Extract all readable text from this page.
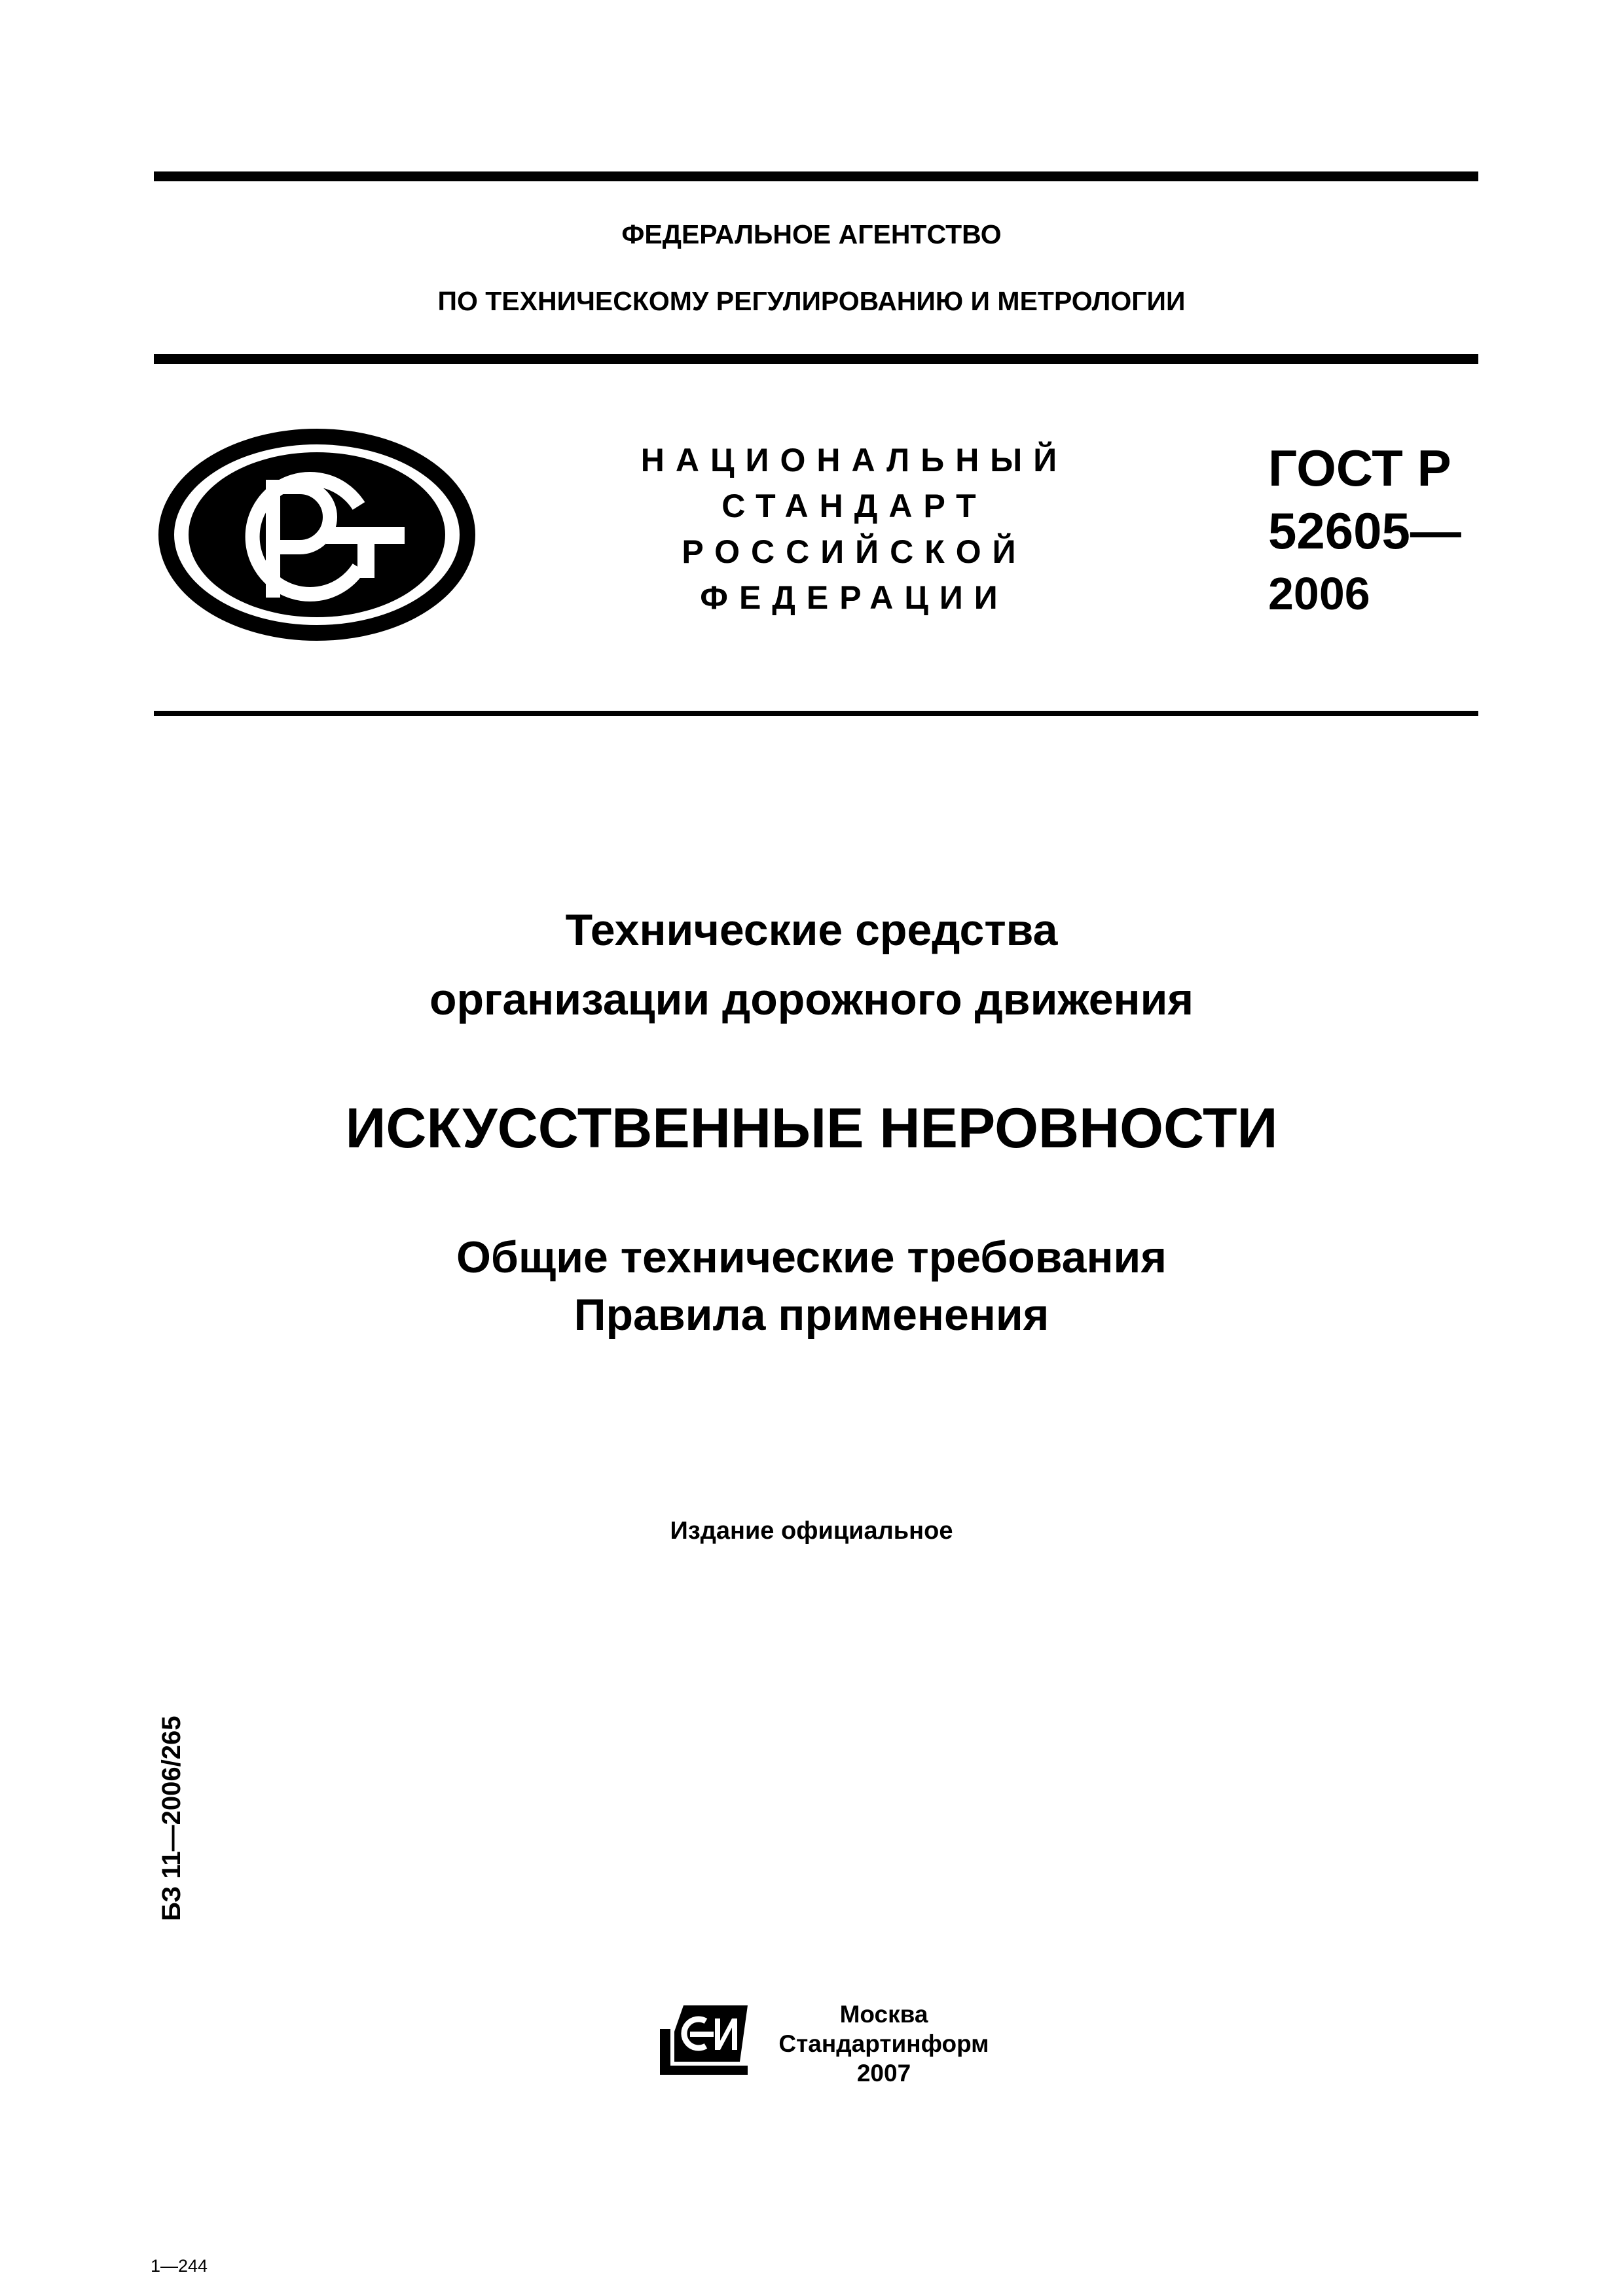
ФЕДЕРАЛЬНОЕ АГЕНТСТВО
ПО ТЕХНИЧЕСКОМУ РЕГУЛИРОВАНИЮ И МЕТРОЛОГИИ
НАЦИОНАЛЬНЫЙ
СТАНДАРТ
РОССИЙСКОЙ
ФЕДЕРАЦИИ
ГОСТ Р
52605—
2006
Технические средства
организации дорожного движения
ИСКУССТВЕННЫЕ НЕРОВНОСТИ
Общие технические требования
Правила применения
Издание официальное
БЗ 11—2006/265
Москва
Стандартинформ
2007
1—244
